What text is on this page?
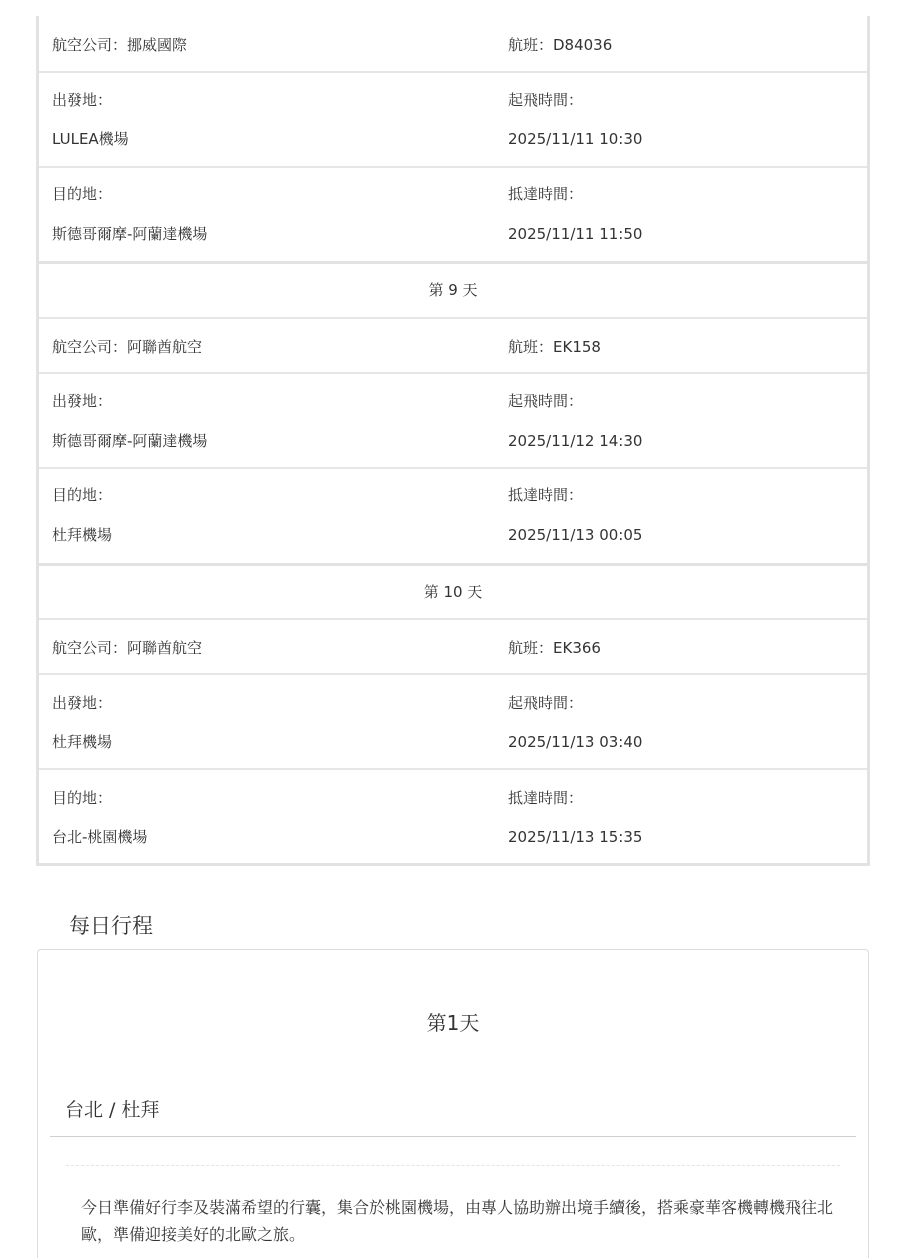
航空公司：挪威國際	航班：D84036
出發地：	起飛時間：
LULEA機場	2025/11/11 10:30
目的地：	抵達時間：
斯德哥爾摩-阿蘭達機場	2025/11/11 11:50
第 9 天
航空公司：阿聯酋航空	航班：EK158
出發地：	起飛時間：
斯德哥爾摩-阿蘭達機場	2025/11/12 14:30
目的地：	抵達時間：
杜拜機場	2025/11/13 00:05
第 10 天
航空公司：阿聯酋航空	航班：EK366
出發地：	起飛時間：
杜拜機場	2025/11/13 03:40
目的地：	抵達時間：
台北-桃園機場	2025/11/13 15:35
每日行程
第1天
台北 / 杜拜
今日準備好行李及裝滿希望的行囊，集合於桃園機場，由專人協助辦出境手續後，搭乘豪華客機轉機飛往北歐，準備迎接美好的北歐之旅。
